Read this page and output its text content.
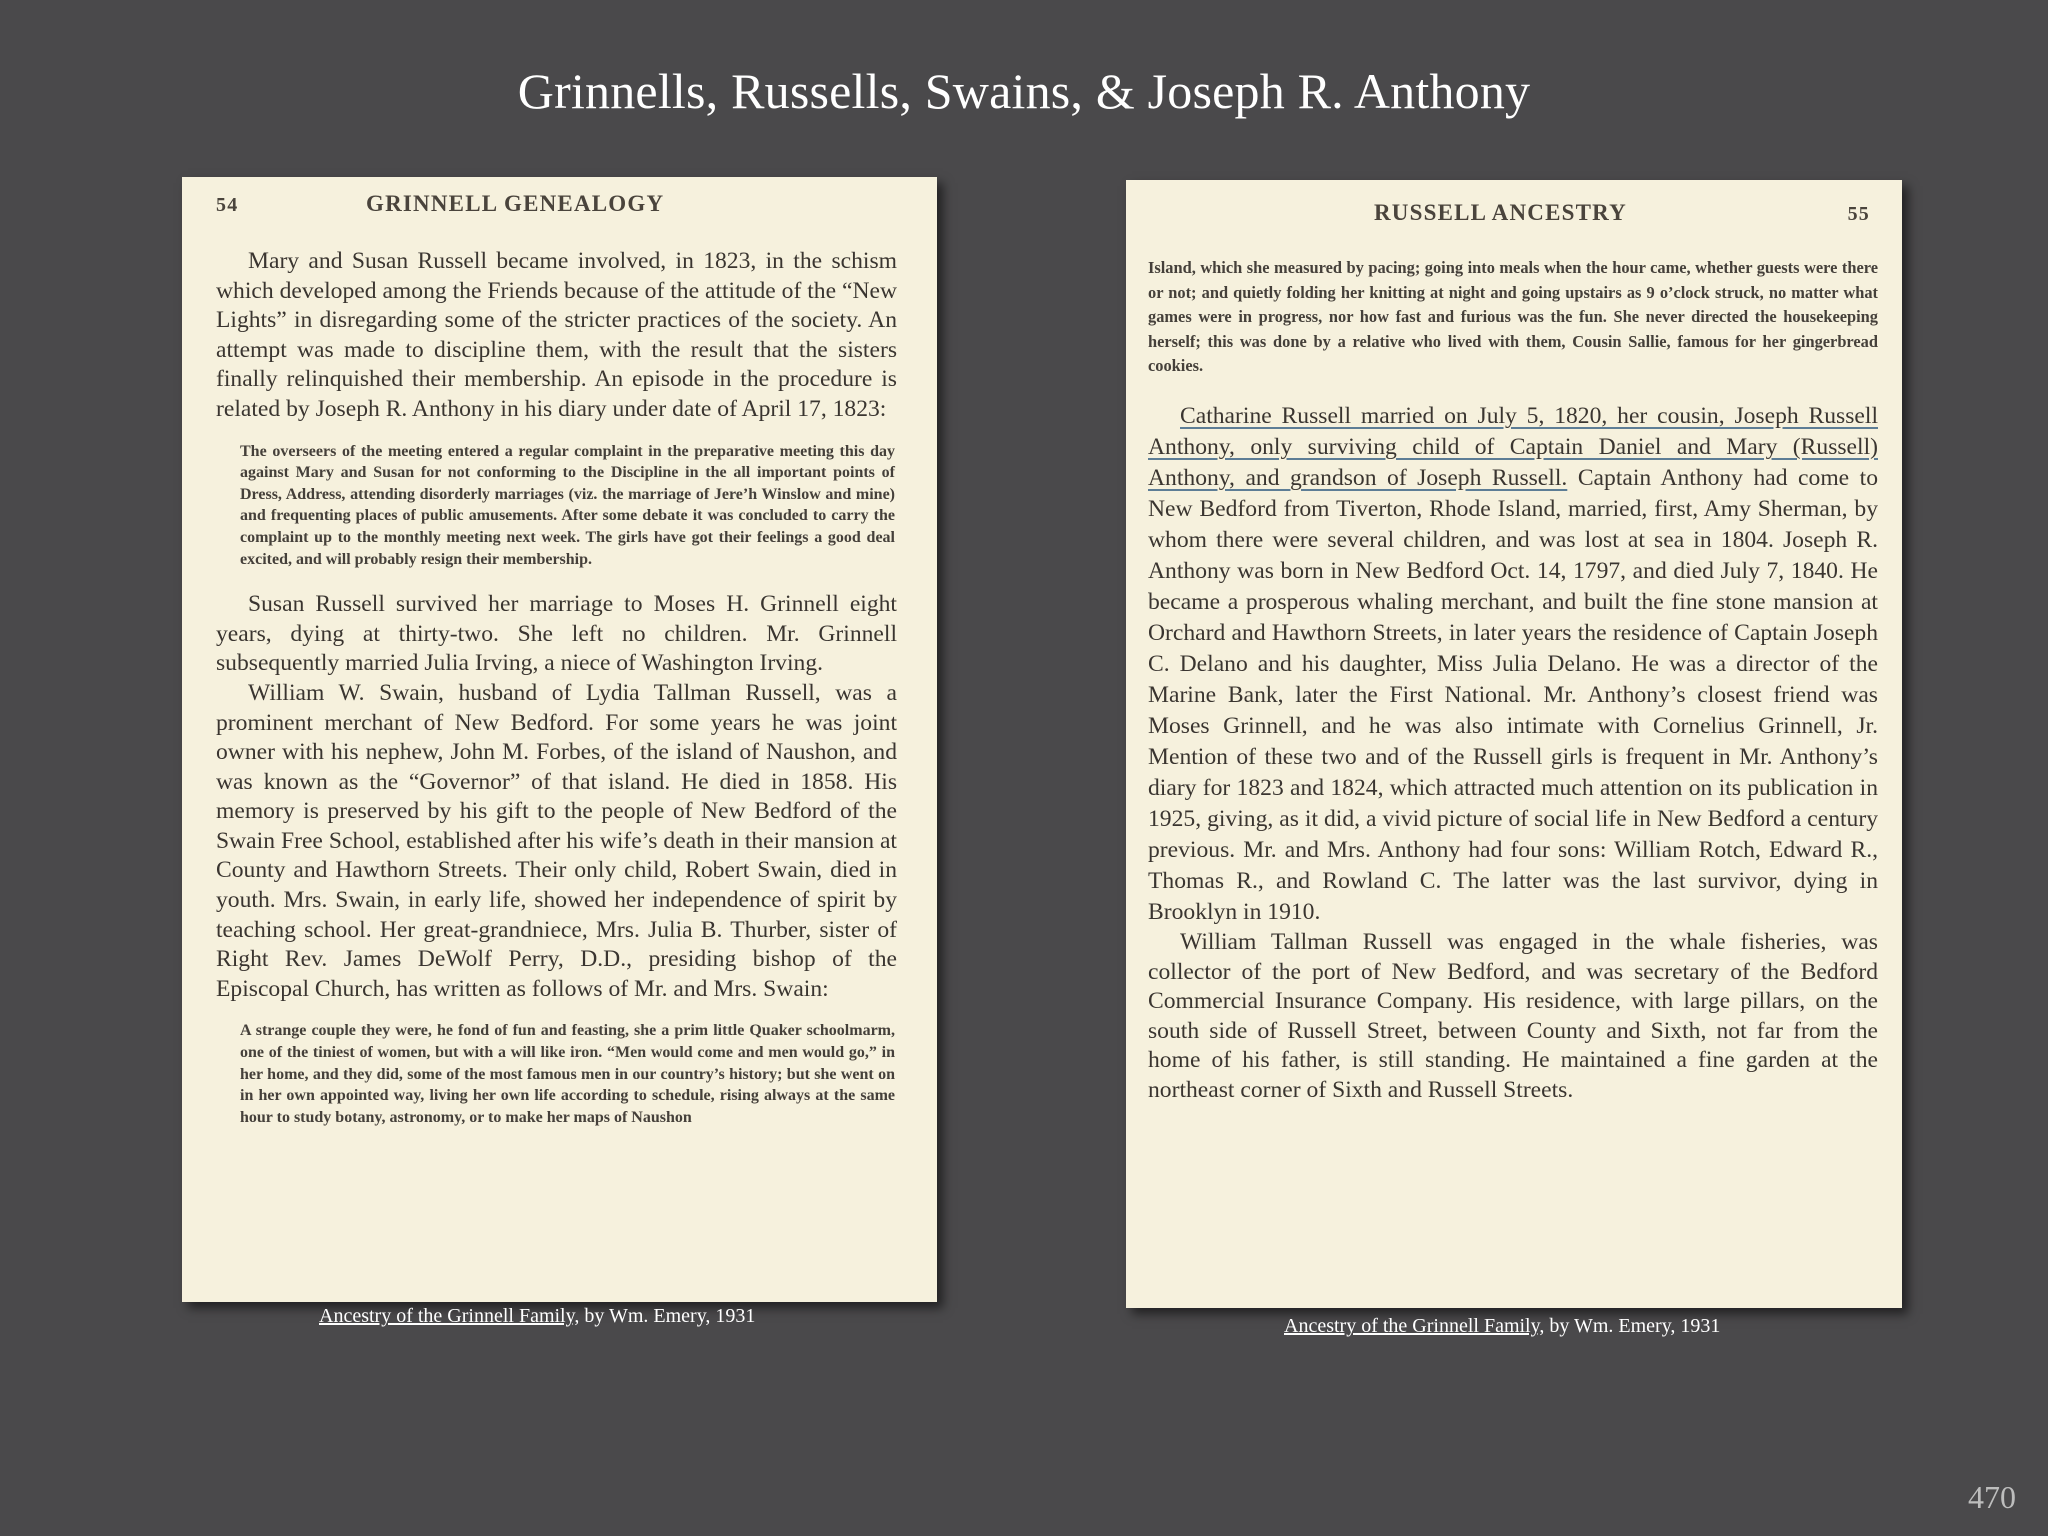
Grinnells, Russells, Swains, & Joseph R. Anthony
54	GRINNELL GENEALOGY

Mary and Susan Russell became involved, in 1823, in the schism which developed among the Friends because of the attitude of the “New Lights” in disregarding some of the stricter practices of the society. An attempt was made to discipline them, with the result that the sisters finally relinquished their membership. An episode in the procedure is related by Joseph R. Anthony in his diary under date of April 17, 1823:

The overseers of the meeting entered a regular complaint in the preparative meeting this day against Mary and Susan for not conforming to the Discipline in the all important points of Dress, Address, attending disorderly marriages (viz. the marriage of Jere’h Winslow and mine) and frequenting places of public amusements. After some debate it was concluded to carry the complaint up to the monthly meeting next week. The girls have got their feelings a good deal excited, and will probably resign their membership.

Susan Russell survived her marriage to Moses H. Grinnell eight years, dying at thirty-two. She left no children. Mr. Grinnell subsequently married Julia Irving, a niece of Washington Irving.

William W. Swain, husband of Lydia Tallman Russell, was a prominent merchant of New Bedford. For some years he was joint owner with his nephew, John M. Forbes, of the island of Naushon, and was known as the “Governor” of that island. He died in 1858. His memory is preserved by his gift to the people of New Bedford of the Swain Free School, established after his wife’s death in their mansion at County and Hawthorn Streets. Their only child, Robert Swain, died in youth. Mrs. Swain, in early life, showed her independence of spirit by teaching school. Her great-grandniece, Mrs. Julia B. Thurber, sister of Right Rev. James DeWolf Perry, D.D., presiding bishop of the Episcopal Church, has written as follows of Mr. and Mrs. Swain:

A strange couple they were, he fond of fun and feasting, she a prim little Quaker schoolmarm, one of the tiniest of women, but with a will like iron. “Men would come and men would go,” in her home, and they did, some of the most famous men in our country’s history; but she went on in her own appointed way, living her own life according to schedule, rising always at the same hour to study botany, astronomy, or to make her maps of Naushon
RUSSELL ANCESTRY	55
Island, which she measured by pacing; going into meals when the hour came, whether guests were there or not; and quietly folding her knitting at night and going upstairs as 9 o’clock struck, no matter what games were in progress, nor how fast and furious was the fun. She never directed the housekeeping herself; this was done by a relative who lived with them, Cousin Sallie, famous for her gingerbread cookies.

Catharine Russell married on July 5, 1820, her cousin, Joseph Russell Anthony, only surviving child of Captain Daniel and Mary (Russell) Anthony, and grandson of Joseph Russell. Captain Anthony had come to New Bedford from Tiverton, Rhode Island, married, first, Amy Sherman, by whom there were several children, and was lost at sea in 1804. Joseph R. Anthony was born in New Bedford Oct. 14, 1797, and died July 7, 1840. He became a prosperous whaling merchant, and built the fine stone mansion at Orchard and Hawthorn Streets, in later years the residence of Captain Joseph C. Delano and his daughter, Miss Julia Delano. He was a director of the Marine Bank, later the First National. Mr. Anthony’s closest friend was Moses Grinnell, and he was also intimate with Cornelius Grinnell, Jr. Mention of these two and of the Russell girls is frequent in Mr. Anthony’s diary for 1823 and 1824, which attracted much attention on its publication in 1925, giving, as it did, a vivid picture of social life in New Bedford a century previous. Mr. and Mrs. Anthony had four sons: William Rotch, Edward R., Thomas R., and Rowland C. The latter was the last survivor, dying in Brooklyn in 1910.

William Tallman Russell was engaged in the whale fisheries, was collector of the port of New Bedford, and was secretary of the Bedford Commercial Insurance Company. His residence, with large pillars, on the south side of Russell Street, between County and Sixth, not far from the home of his father, is still standing. He maintained a fine garden at the northeast corner of Sixth and Russell Streets.

Ancestry of the Grinnell Family, by Wm. Emery, 1931	Ancestry of the Grinnell Family, by Wm. Emery, 1931
470
